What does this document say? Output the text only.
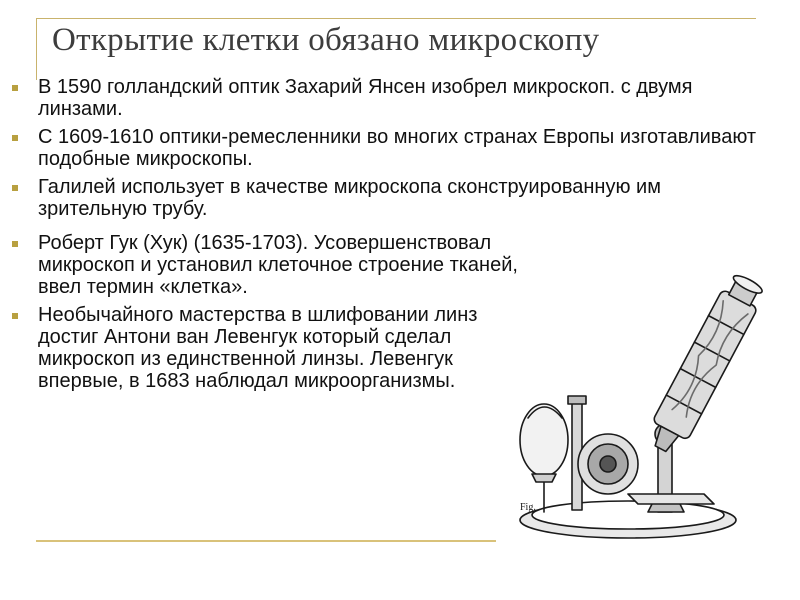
Открытие клетки обязано микроскопу
В 1590 голландский оптик Захарий Янсен изобрел микроскоп. с двумя линзами.
С 1609-1610 оптики-ремесленники во многих странах Европы изготавливают подобные микроскопы.
Галилей использует в качестве микроскопа сконструированную им зрительную трубу.
Роберт Гук (Хук) (1635-1703). Усовершенствовал микроскоп и установил клеточное строение тканей, ввел термин «клетка».
Необычайного мастерства в шлифовании линз достиг Антони ван Левенгук который сделал микроскоп из единственной линзы. Левенгук впервые, в 1683 наблюдал микроорганизмы.
Fig.
